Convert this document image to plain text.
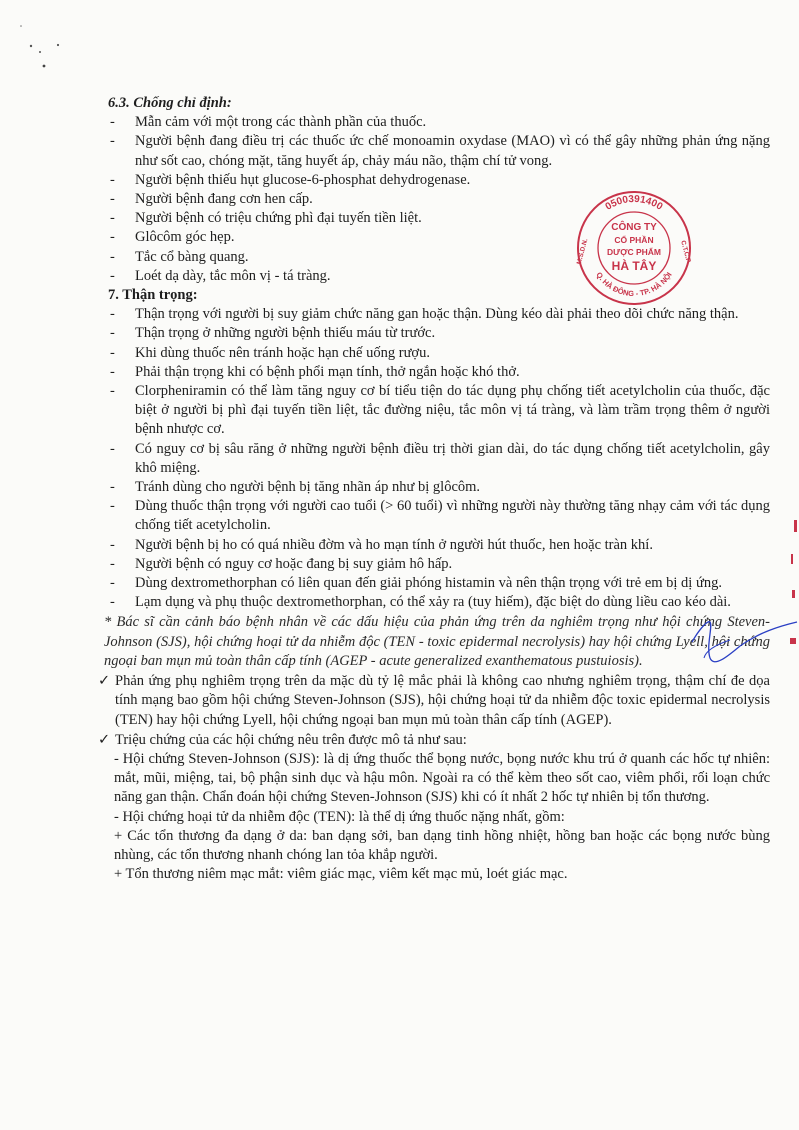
6.3. Chống chỉ định:

- Mẫn cảm với một trong các thành phần của thuốc.
- Người bệnh đang điều trị các thuốc ức chế monoamin oxydase (MAO) vì có thể gây những phản ứng nặng như sốt cao, chóng mặt, tăng huyết áp, chảy máu não, thậm chí tử vong.
- Người bệnh thiếu hụt glucose-6-phosphat dehydrogenase.
- Người bệnh đang cơn hen cấp.
- Người bệnh có triệu chứng phì đại tuyến tiền liệt.
- Glôcôm góc hẹp.
- Tắc cổ bàng quang.
- Loét dạ dày, tắc môn vị - tá tràng.

7. Thận trọng:

- Thận trọng với người bị suy giảm chức năng gan hoặc thận. Dùng kéo dài phải theo dõi chức năng thận.
- Thận trọng ở những người bệnh thiếu máu từ trước.
- Khi dùng thuốc nên tránh hoặc hạn chế uống rượu.
- Phải thận trọng khi có bệnh phổi mạn tính, thở ngắn hoặc khó thở.
- Clorpheniramin có thể làm tăng nguy cơ bí tiểu tiện do tác dụng phụ chống tiết acetylcholin của thuốc, đặc biệt ở người bị phì đại tuyến tiền liệt, tắc đường niệu, tắc môn vị tá tràng, và làm trầm trọng thêm ở người bệnh nhược cơ.
- Có nguy cơ bị sâu răng ở những người bệnh điều trị thời gian dài, do tác dụng chống tiết acetylcholin, gây khô miệng.
- Tránh dùng cho người bệnh bị tăng nhãn áp như bị glôcôm.
- Dùng thuốc thận trọng với người cao tuổi (> 60 tuổi) vì những người này thường tăng nhạy cảm với tác dụng chống tiết acetylcholin.
- Người bệnh bị ho có quá nhiều đờm và ho mạn tính ở người hút thuốc, hen hoặc tràn khí.
- Người bệnh có nguy cơ hoặc đang bị suy giảm hô hấp.
- Dùng dextromethorphan có liên quan đến giải phóng histamin và nên thận trọng với trẻ em bị dị ứng.
- Lạm dụng và phụ thuộc dextromethorphan, có thể xảy ra (tuy hiếm), đặc biệt do dùng liều cao kéo dài.

* Bác sĩ cần cảnh báo bệnh nhân về các dấu hiệu của phản ứng trên da nghiêm trọng như hội chứng Steven-Johnson (SJS), hội chứng hoại tử da nhiễm độc (TEN - toxic epidermal necrolysis) hay hội chứng Lyell, hội chứng ngoại ban mụn mủ toàn thân cấp tính (AGEP - acute generalized exanthematous pustuiosis).

✓ Phản ứng phụ nghiêm trọng trên da mặc dù tỷ lệ mắc phải là không cao nhưng nghiêm trọng, thậm chí đe dọa tính mạng bao gồm hội chứng Steven-Johnson (SJS), hội chứng hoại tử da nhiễm độc toxic epidermal necrolysis (TEN) hay hội chứng Lyell, hội chứng ngoại ban mụn mủ toàn thân cấp tính (AGEP).
✓ Triệu chứng của các hội chứng nêu trên được mô tả như sau:

- Hội chứng Steven-Johnson (SJS): là dị ứng thuốc thể bọng nước, bọng nước khu trú ở quanh các hốc tự nhiên: mắt, mũi, miệng, tai, bộ phận sinh dục và hậu môn. Ngoài ra có thể kèm theo sốt cao, viêm phổi, rối loạn chức năng gan thận. Chẩn đoán hội chứng Steven-Johnson (SJS) khi có ít nhất 2 hốc tự nhiên bị tổn thương.

- Hội chứng hoại tử da nhiễm độc (TEN): là thể dị ứng thuốc nặng nhất, gồm:

+ Các tổn thương đa dạng ở da: ban dạng sởi, ban dạng tinh hồng nhiệt, hồng ban hoặc các bọng nước bùng nhùng, các tổn thương nhanh chóng lan tỏa khắp người.

+ Tổn thương niêm mạc mắt: viêm giác mạc, viêm kết mạc mủ, loét giác mạc.

0500391400
Q. HÀ ĐÔNG - TP. HÀ NỘI
M.S.D.N.	C.T.C.P
CÔNG TY
CỔ PHẦN
DƯỢC PHẨM
HÀ TÂY
